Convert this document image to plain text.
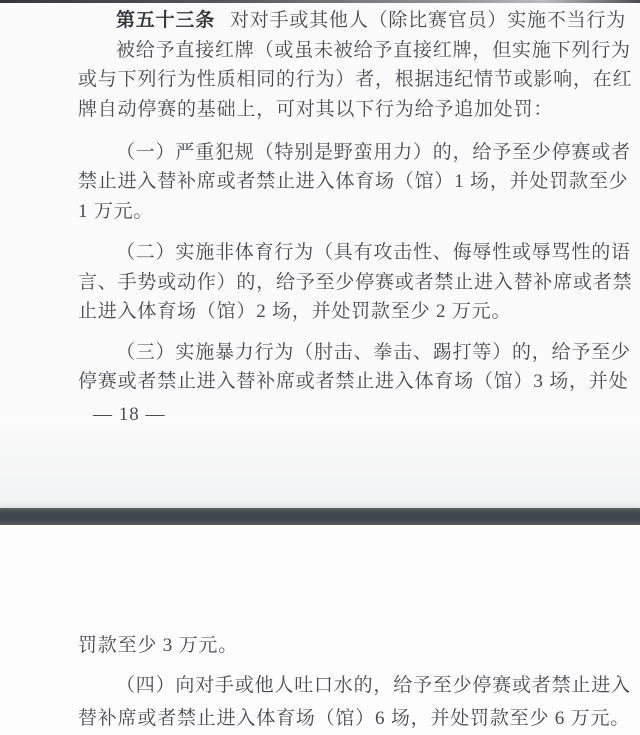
第五十三条 对对手或其他人（除比赛官员）实施不当行为

被给予直接红牌（或虽未被给予直接红牌，但实施下列行为

或与下列行为性质相同的行为）者，根据违纪情节或影响，在红

牌自动停赛的基础上，可对其以下行为给予追加处罚：

（一）严重犯规（特别是野蛮用力）的，给予至少停赛或者

禁止进入替补席或者禁止进入体育场（馆）1 场，并处罚款至少

1 万元。

（二）实施非体育行为（具有攻击性、侮辱性或辱骂性的语

言、手势或动作）的，给予至少停赛或者禁止进入替补席或者禁

止进入体育场（馆）2 场，并处罚款至少 2 万元。

（三）实施暴力行为（肘击、拳击、踢打等）的，给予至少

停赛或者禁止进入替补席或者禁止进入体育场（馆）3 场，并处

— 18 —

罚款至少 3 万元。

（四）向对手或他人吐口水的，给予至少停赛或者禁止进入

替补席或者禁止进入体育场（馆）6 场，并处罚款至少 6 万元。
